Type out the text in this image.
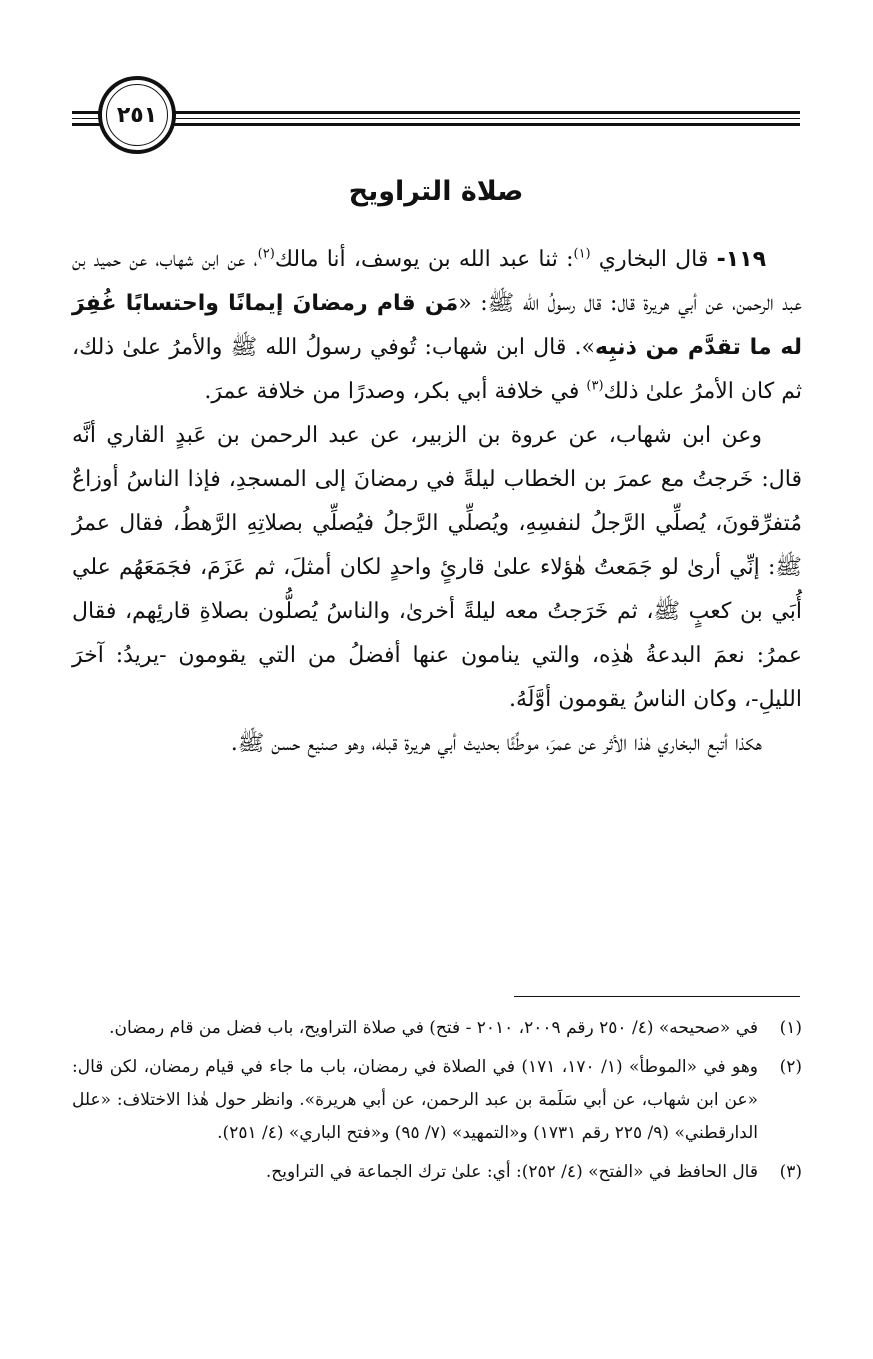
٢٥١
صلاة التراويح

١١٩- قال البخاري $^{(١)}$: ثنا عبد الله بن يوسف، أنا مالك$^{(٢)}$، عن ابن شهاب، عن حميد بن عبد الرحمن، عن أبي هريرة قال: قال رسولُ الله ﷺ: «مَن قام رمضانَ إيمانًا واحتسابًا غُفِرَ له ما تقدَّم من ذنبِه». قال ابن شهاب: تُوفي رسولُ الله ﷺ والأمرُ علىٰ ذلك، ثم كان الأمرُ علىٰ ذلك$^{(٣)}$ في خلافة أبي بكر، وصدرًا من خلافة عمرَ.

وعن ابن شهاب، عن عروة بن الزبير، عن عبد الرحمن بن عَبدٍ القاري أنَّه قال: خَرجتُ مع عمرَ بن الخطاب ليلةً في رمضانَ إلى المسجدِ، فإذا الناسُ أوزاعٌ مُتفرِّقونَ، يُصلِّي الرَّجلُ لنفسِهِ، ويُصلِّي الرَّجلُ فيُصلِّي بصلاتِهِ الرَّهطُ، فقال عمرُ ﷺ: إنِّي أرىٰ لو جَمَعتُ هٰؤلاء علىٰ قارئٍ واحدٍ لكان أمثلَ، ثم عَزَمَ، فجَمَعَهُم علي أُبَي بن كعبٍ ﷺ، ثم خَرَجتُ معه ليلةً أخرىٰ، والناسُ يُصلُّون بصلاةِ قارئِهم، فقال عمرُ: نعمَ البدعةُ هٰذِه، والتي ينامون عنها أفضلُ من التي يقومون -يريدُ: آخرَ الليلِ-، وكان الناسُ يقومون أوَّلَهُ.

هكذا أتبع البخاري هٰذا الأثر عن عمرَ، موطِّئًا بحديث أبي هريرة قبله، وهو صنيع حسن ﷺ.

(١)
في «صحيحه» (٤/ ٢٥٠ رقم ٢٠٠٩، ٢٠١٠ - فتح) في صلاة التراويح، باب فضل من قام رمضان.
(٢)
وهو في «الموطأ» (١/ ١٧٠، ١٧١) في الصلاة في رمضان، باب ما جاء في قيام رمضان، لكن قال: «عن ابن شهاب، عن أبي سَلَمة بن عبد الرحمن، عن أبي هريرة». وانظر حول هٰذا الاختلاف: «علل الدارقطني» (٩/ ٢٢٥ رقم ١٧٣١) و«التمهيد» (٧/ ٩٥) و«فتح الباري» (٤/ ٢٥١).
(٣)
قال الحافظ في «الفتح» (٤/ ٢٥٢): أي: علىٰ ترك الجماعة في التراويح.
